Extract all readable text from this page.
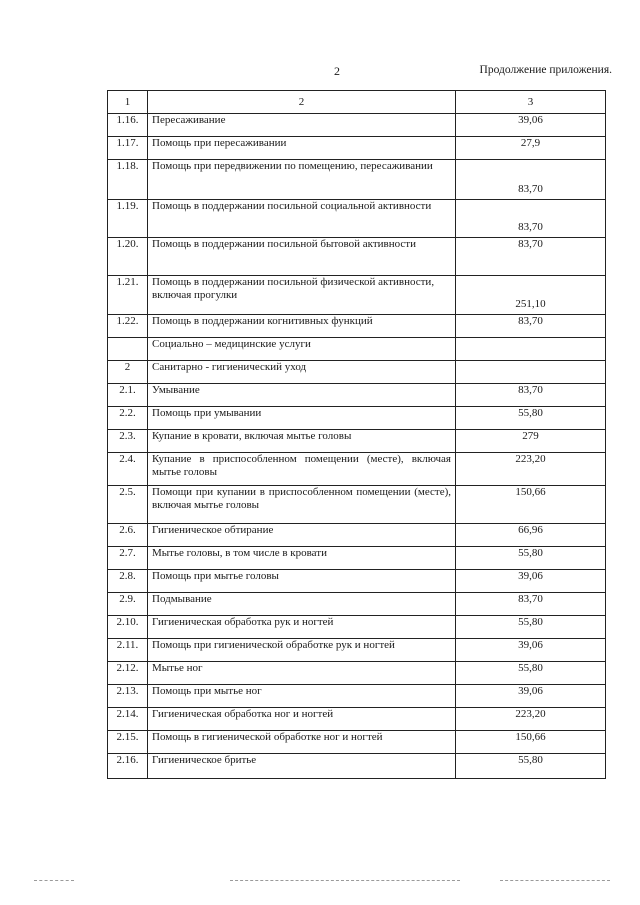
2	Продолжение приложения.
1	2	3
1.16.	Пересаживание	39,06
1.17.	Помощь при пересаживании	27,9
1.18.	Помощь при передвижении по помещению, пересаживании	83,70
1.19.	Помощь в поддержании посильной социальной активности	83,70
1.20.	Помощь в поддержании посильной бытовой активности	83,70
1.21.	Помощь в поддержании посильной физической активности, включая прогулки	251,10
1.22.	Помощь в поддержании когнитивных функций	83,70
	Социально – медицинские услуги	
2	Санитарно - гигиенический уход	
2.1.	Умывание	83,70
2.2.	Помощь при умывании	55,80
2.3.	Купание в кровати, включая мытье головы	279
2.4.	Купание в приспособленном помещении (месте), включая мытье головы	223,20
2.5.	Помощи при купании в приспособленном помещении (месте), включая мытье головы	150,66
2.6.	Гигиеническое обтирание	66,96
2.7.	Мытье головы, в том числе в кровати	55,80
2.8.	Помощь при мытье головы	39,06
2.9.	Подмывание	83,70
2.10.	Гигиеническая обработка рук и ногтей	55,80
2.11.	Помощь при гигиенической обработке рук и ногтей	39,06
2.12.	Мытье ног	55,80
2.13.	Помощь при мытье ног	39,06
2.14.	Гигиеническая обработка ног и ногтей	223,20
2.15.	Помощь в гигиенической обработке ног и ногтей	150,66
2.16.	Гигиеническое бритье	55,80
